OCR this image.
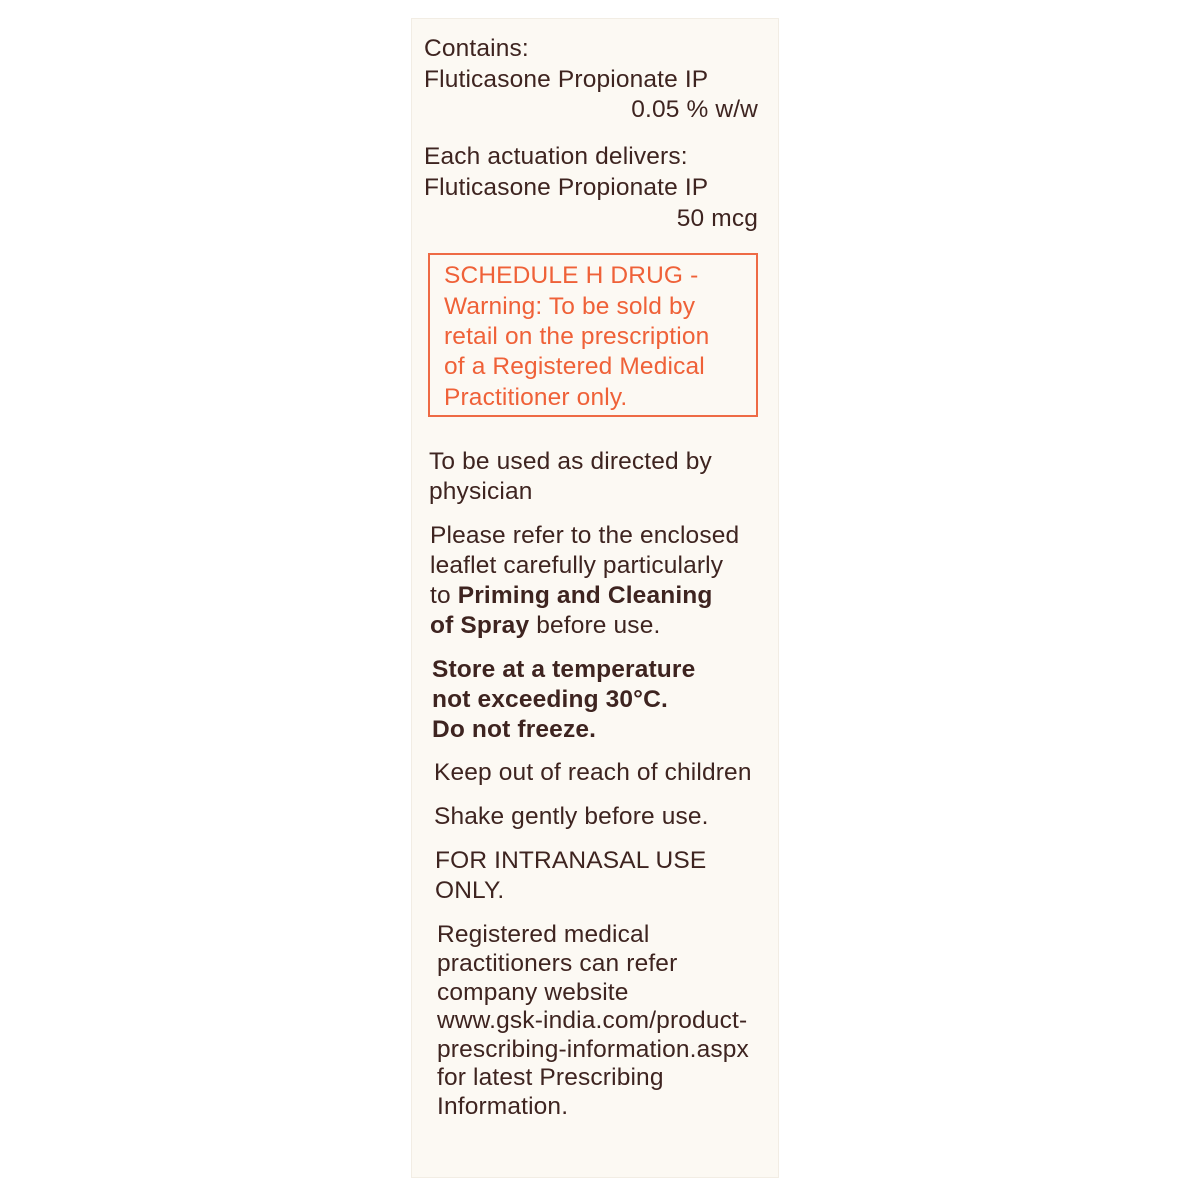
Contains:
Fluticasone Propionate IP
0.05 % w/w
Each actuation delivers:
Fluticasone Propionate IP
50 mcg
SCHEDULE H DRUG -
Warning: To be sold by
retail on the prescription
of a Registered Medical
Practitioner only.
To be used as directed by
physician
Please refer to the enclosed
leaflet carefully particularly
to Priming and Cleaning
of Spray before use.
Store at a temperature
not exceeding 30°C.
Do not freeze.
Keep out of reach of children
Shake gently before use.
FOR INTRANASAL USE
ONLY.
Registered medical
practitioners can refer
company website
www.gsk-india.com/product-
prescribing-information.aspx
for latest Prescribing
Information.
